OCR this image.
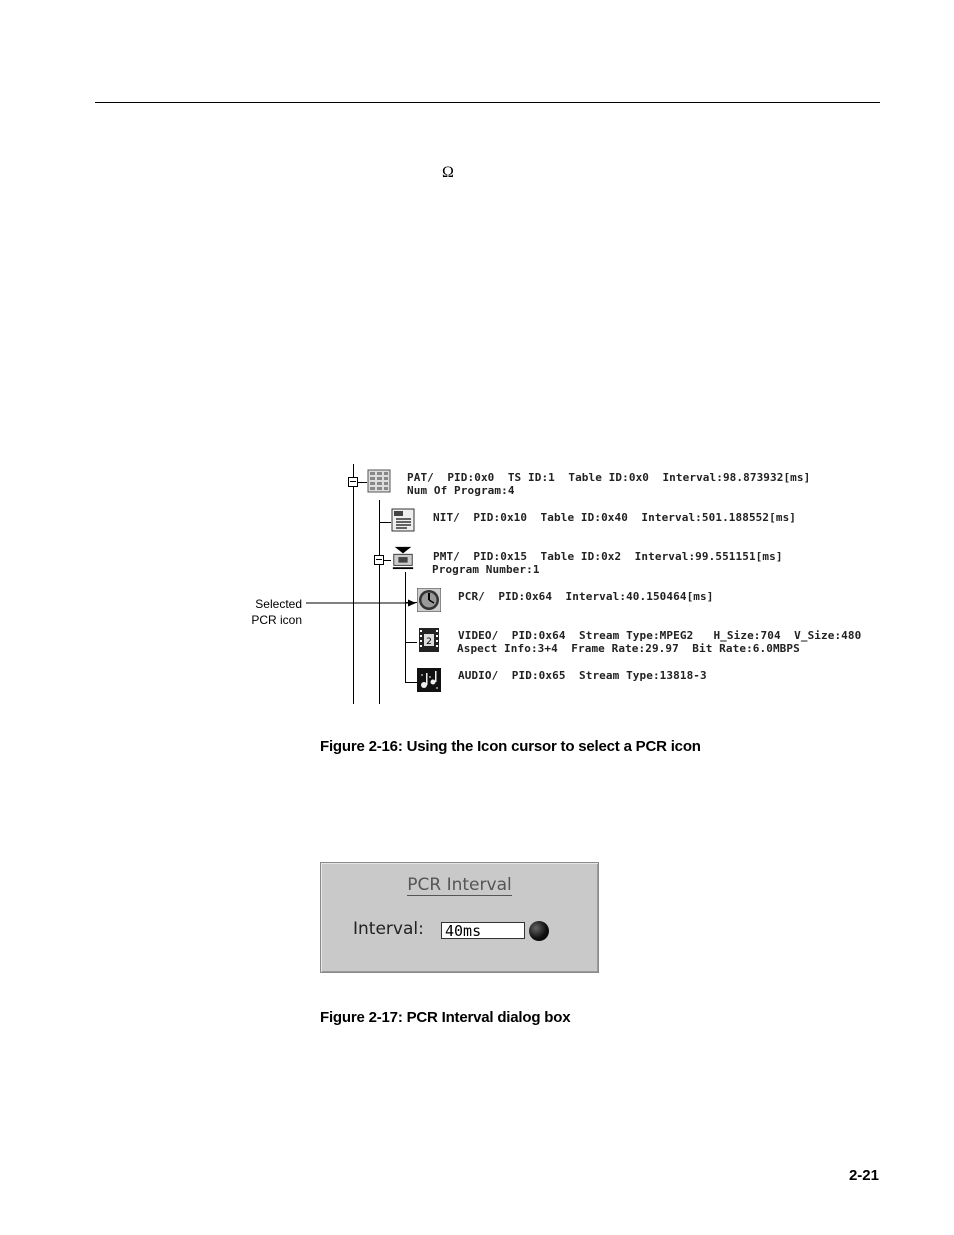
Ω
2
PAT/  PID:0x0  TS ID:1  Table ID:0x0  Interval:98.873932[ms]
Num Of Program:4
NIT/  PID:0x10  Table ID:0x40  Interval:501.188552[ms]
PMT/  PID:0x15  Table ID:0x2  Interval:99.551151[ms]
Program Number:1
PCR/  PID:0x64  Interval:40.150464[ms]
VIDEO/  PID:0x64  Stream Type:MPEG2   H_Size:704  V_Size:480
Aspect Info:3+4  Frame Rate:29.97  Bit Rate:6.0MBPS
AUDIO/  PID:0x65  Stream Type:13818-3
Selected
PCR icon
Figure 2-16: Using the Icon cursor to select a PCR icon
PCR Interval
Interval: 40ms
Figure 2-17: PCR Interval dialog box
2-21
